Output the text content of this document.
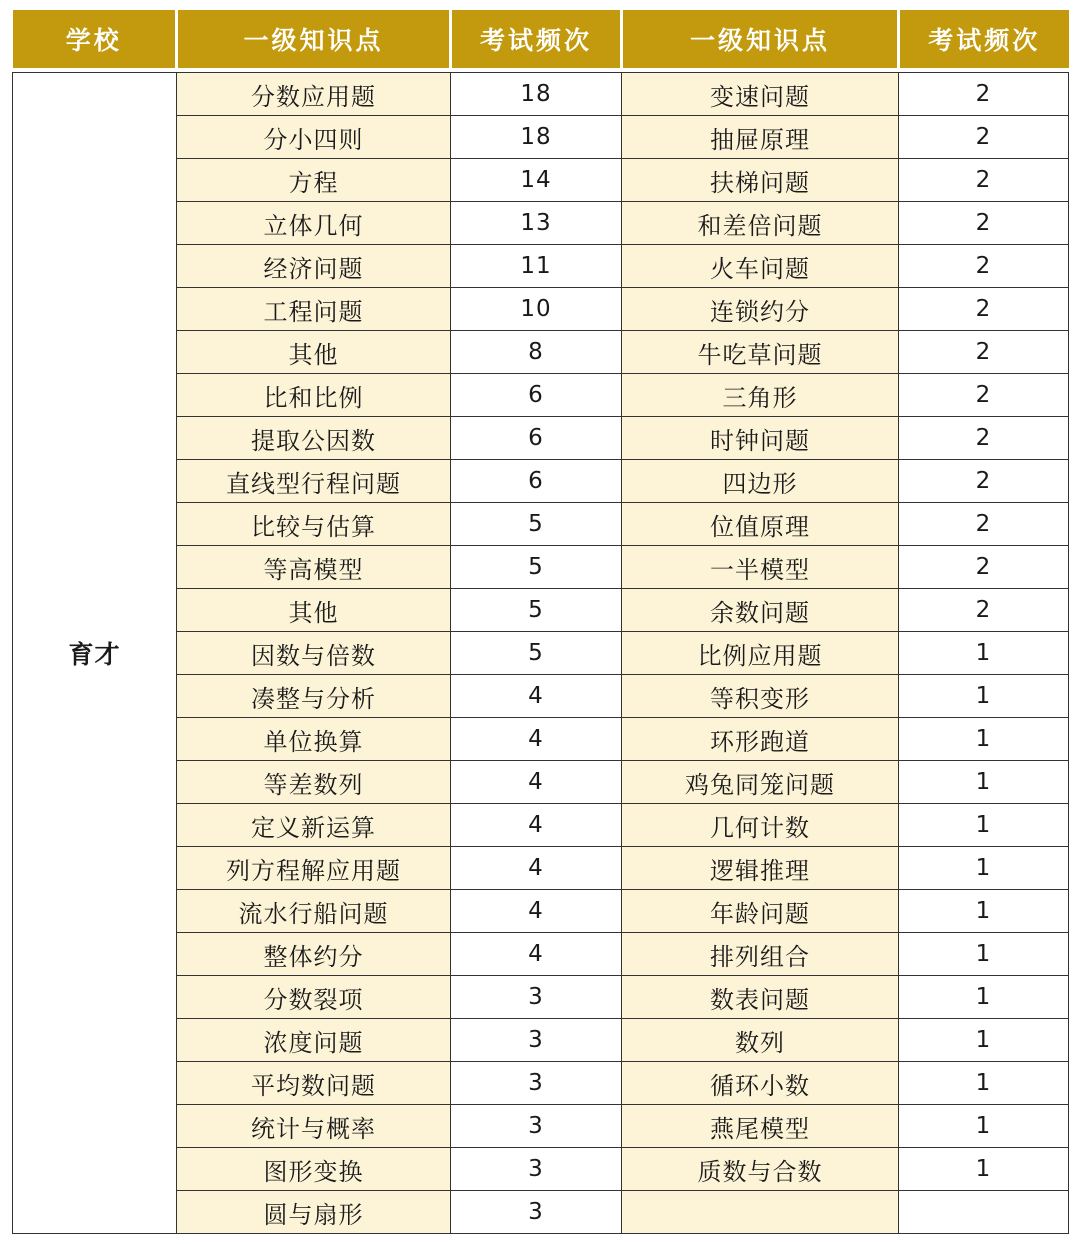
学校	一级知识点	考试频次	一级知识点	考试频次

育才	分数应用题	18	变速问题	2
	分小四则	18	抽屉原理	2
	方程	14	扶梯问题	2
	立体几何	13	和差倍问题	2
	经济问题	11	火车问题	2
	工程问题	10	连锁约分	2
	其他	8	牛吃草问题	2
	比和比例	6	三角形	2
	提取公因数	6	时钟问题	2
	直线型行程问题	6	四边形	2
	比较与估算	5	位值原理	2
	等高模型	5	一半模型	2
	其他	5	余数问题	2
	因数与倍数	5	比例应用题	1
	凑整与分析	4	等积变形	1
	单位换算	4	环形跑道	1
	等差数列	4	鸡兔同笼问题	1
	定义新运算	4	几何计数	1
	列方程解应用题	4	逻辑推理	1
	流水行船问题	4	年龄问题	1
	整体约分	4	排列组合	1
	分数裂项	3	数表问题	1
	浓度问题	3	数列	1
	平均数问题	3	循环小数	1
	统计与概率	3	燕尾模型	1
	图形变换	3	质数与合数	1
	圆与扇形	3		
